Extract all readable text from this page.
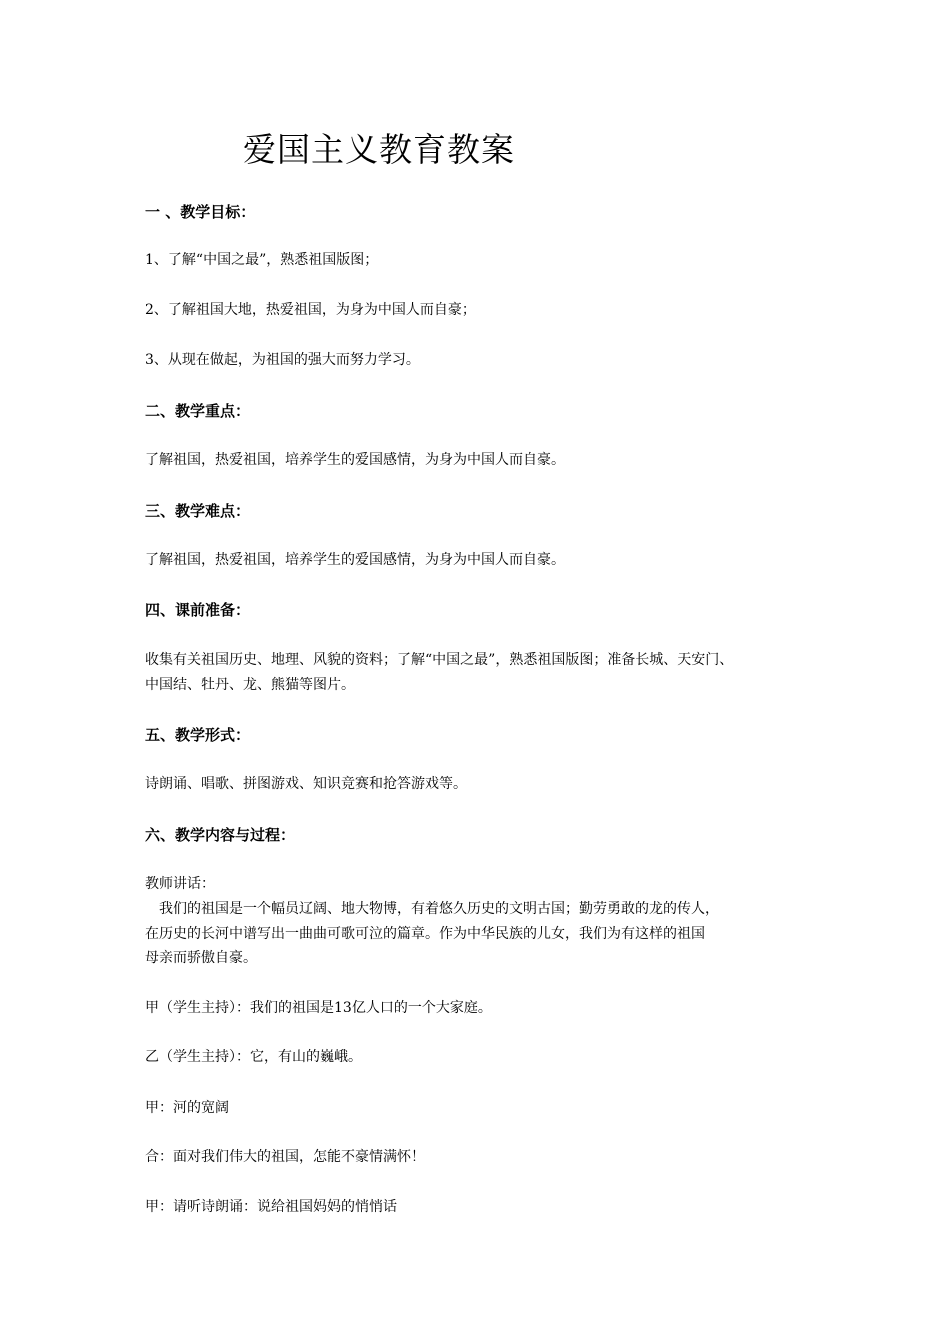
爱国主义教育教案
一 、教学目标：
1、了解“中国之最”，熟悉祖国版图；
2、了解祖国大地，热爱祖国，为身为中国人而自豪；
3、从现在做起，为祖国的强大而努力学习。
二、教学重点：
了解祖国，热爱祖国，培养学生的爱国感情，为身为中国人而自豪。
三、教学难点：
了解祖国，热爱祖国，培养学生的爱国感情，为身为中国人而自豪。
四、课前准备：
收集有关祖国历史、地理、风貌的资料；了解“中国之最”，熟悉祖国版图；准备长城、天安门、
中国结、牡丹、龙、熊猫等图片。
五、教学形式：
诗朗诵、唱歌、拼图游戏、知识竞赛和抢答游戏等。
六、教学内容与过程：
教师讲话：
我们的祖国是一个幅员辽阔、地大物博，有着悠久历史的文明古国；勤劳勇敢的龙的传人，
在历史的长河中谱写出一曲曲可歌可泣的篇章。作为中华民族的儿女，我们为有这样的祖国
母亲而骄傲自豪。
甲（学生主持）：我们的祖国是13亿人口的一个大家庭。
乙（学生主持）：它，有山的巍峨。
甲：河的宽阔
合：面对我们伟大的祖国，怎能不豪情满怀！
甲：请听诗朗诵：说给祖国妈妈的悄悄话
